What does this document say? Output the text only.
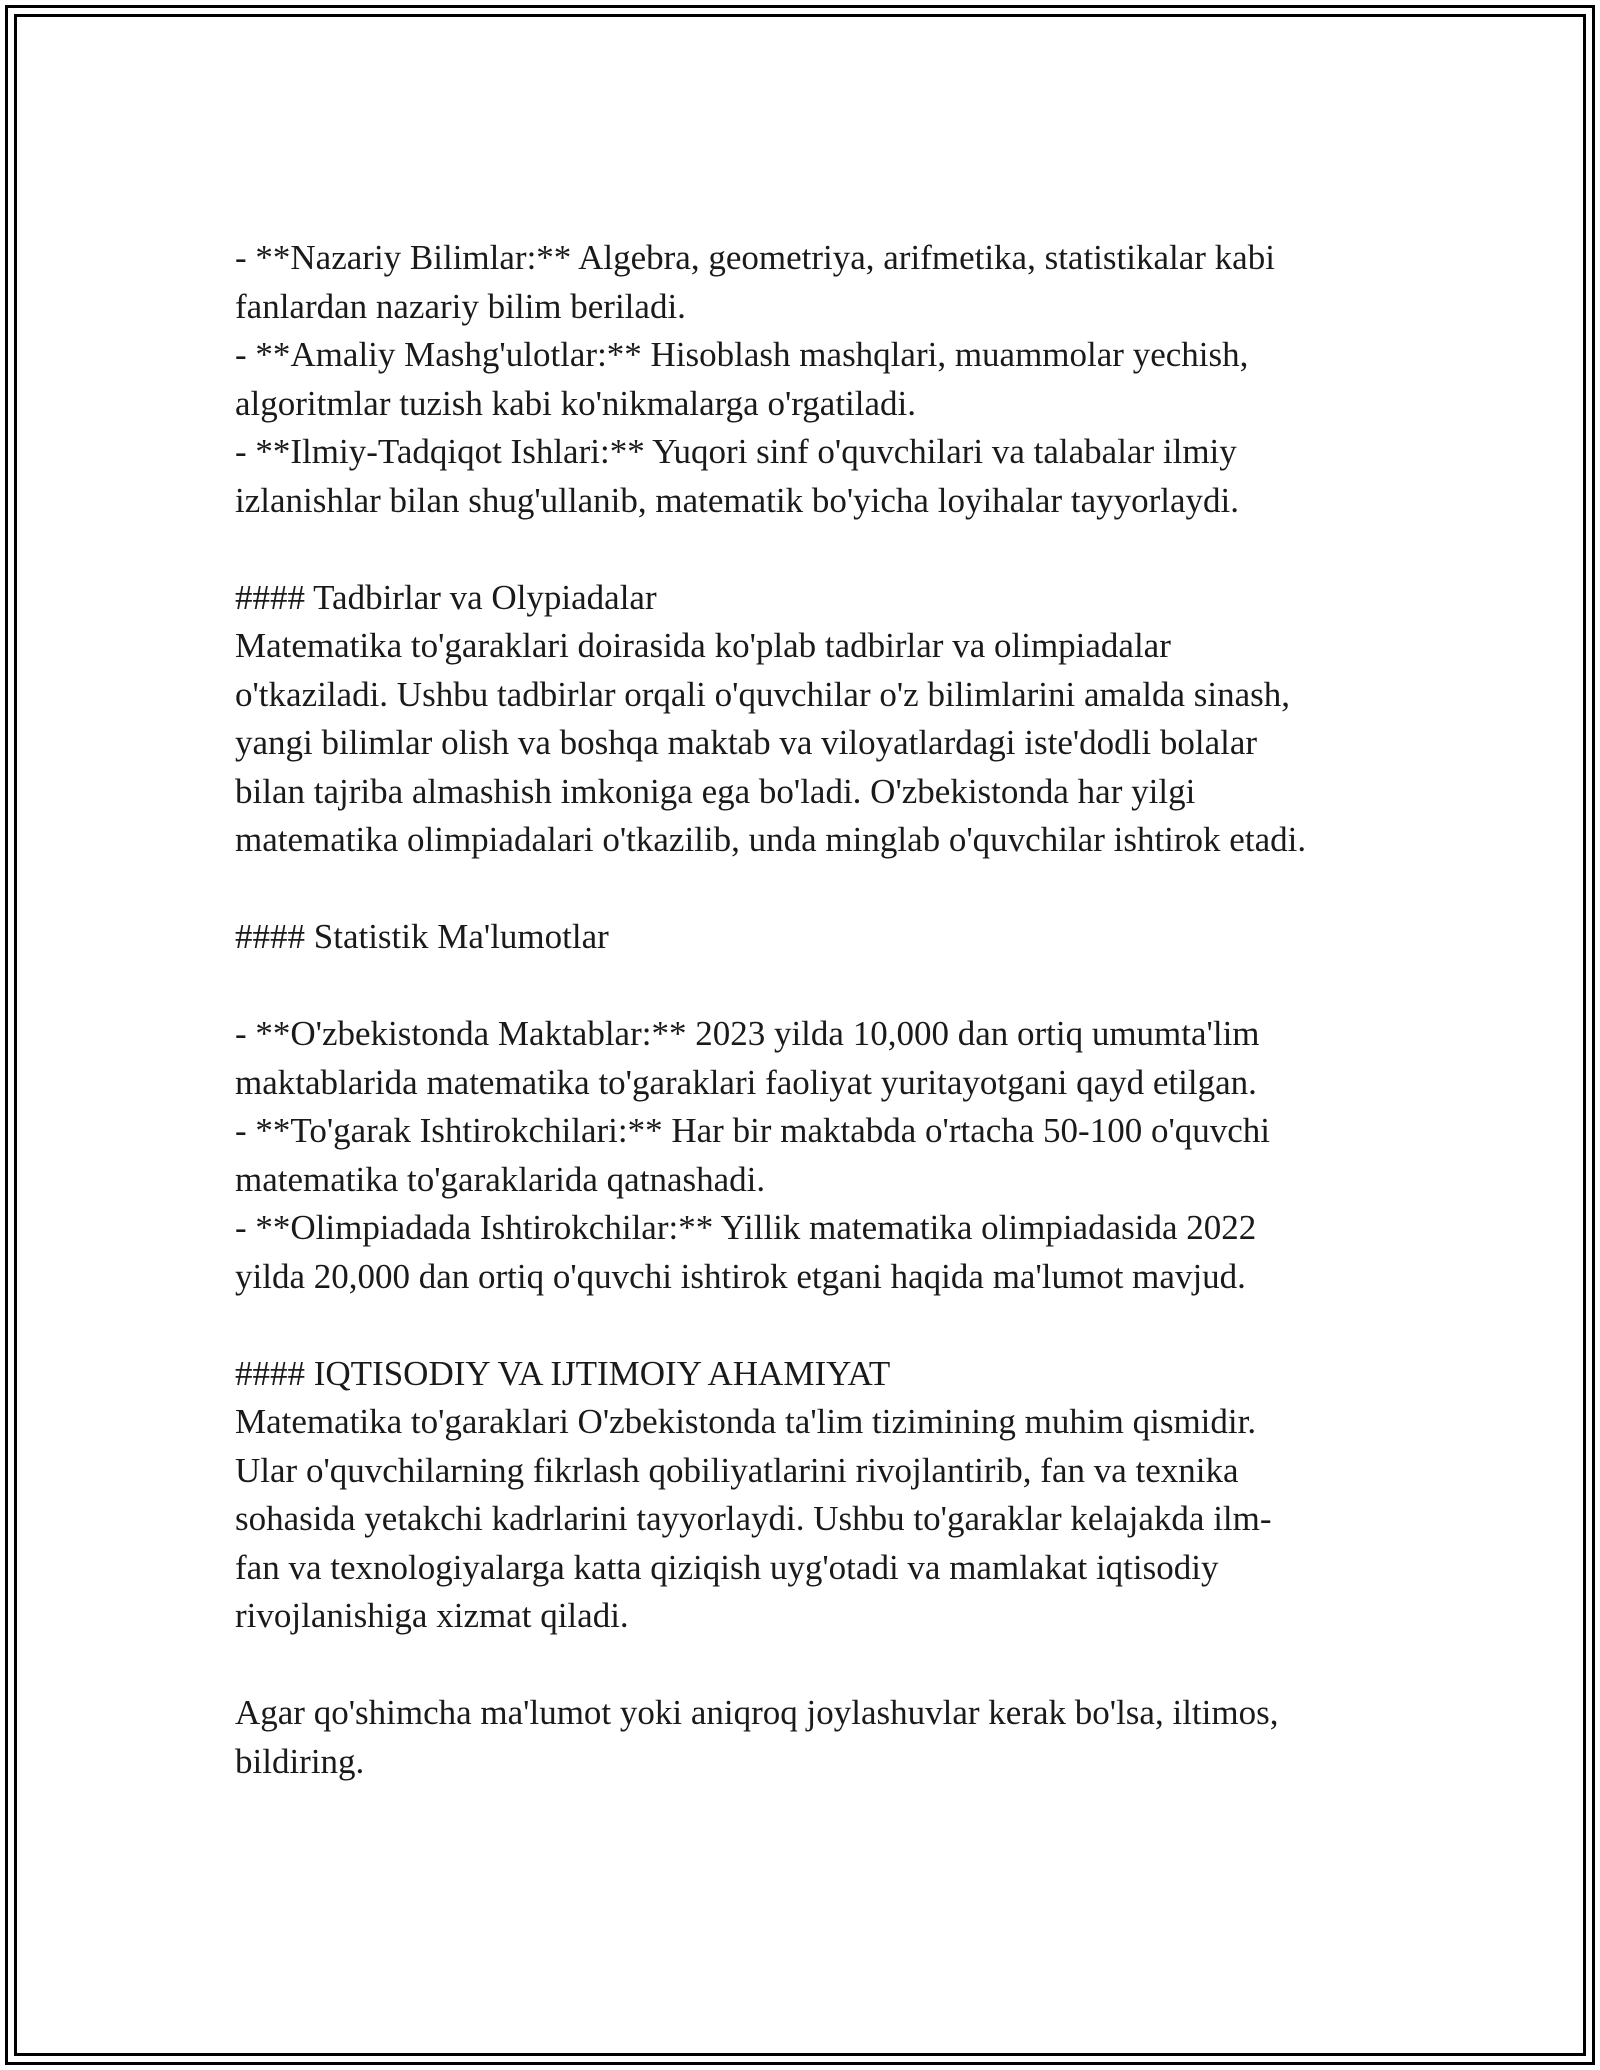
- **Nazariy Bilimlar:** Algebra, geometriya, arifmetika, statistikalar kabi

fanlardan nazariy bilim beriladi.

- **Amaliy Mashg'ulotlar:** Hisoblash mashqlari, muammolar yechish,

algoritmlar tuzish kabi ko'nikmalarga o'rgatiladi.

- **Ilmiy-Tadqiqot Ishlari:** Yuqori sinf o'quvchilari va talabalar ilmiy

izlanishlar bilan shug'ullanib, matematik bo'yicha loyihalar tayyorlaydi.

#### Tadbirlar va Olypiadalar

Matematika to'garaklari doirasida ko'plab tadbirlar va olimpiadalar

o'tkaziladi. Ushbu tadbirlar orqali o'quvchilar o'z bilimlarini amalda sinash,

yangi bilimlar olish va boshqa maktab va viloyatlardagi iste'dodli bolalar

bilan tajriba almashish imkoniga ega bo'ladi. O'zbekistonda har yilgi

matematika olimpiadalari o'tkazilib, unda minglab o'quvchilar ishtirok etadi.

#### Statistik Ma'lumotlar

- **O'zbekistonda Maktablar:** 2023 yilda 10,000 dan ortiq umumta'lim

maktablarida matematika to'garaklari faoliyat yuritayotgani qayd etilgan.

- **To'garak Ishtirokchilari:** Har bir maktabda o'rtacha 50-100 o'quvchi

matematika to'garaklarida qatnashadi.

- **Olimpiadada Ishtirokchilar:** Yillik matematika olimpiadasida 2022

yilda 20,000 dan ortiq o'quvchi ishtirok etgani haqida ma'lumot mavjud.

#### IQTISODIY VA IJTIMOIY AHAMIYAT

Matematika to'garaklari O'zbekistonda ta'lim tizimining muhim qismidir.

Ular o'quvchilarning fikrlash qobiliyatlarini rivojlantirib, fan va texnika

sohasida yetakchi kadrlarini tayyorlaydi. Ushbu to'garaklar kelajakda ilm-

fan va texnologiyalarga katta qiziqish uyg'otadi va mamlakat iqtisodiy

rivojlanishiga xizmat qiladi.

Agar qo'shimcha ma'lumot yoki aniqroq joylashuvlar kerak bo'lsa, iltimos,

bildiring.
